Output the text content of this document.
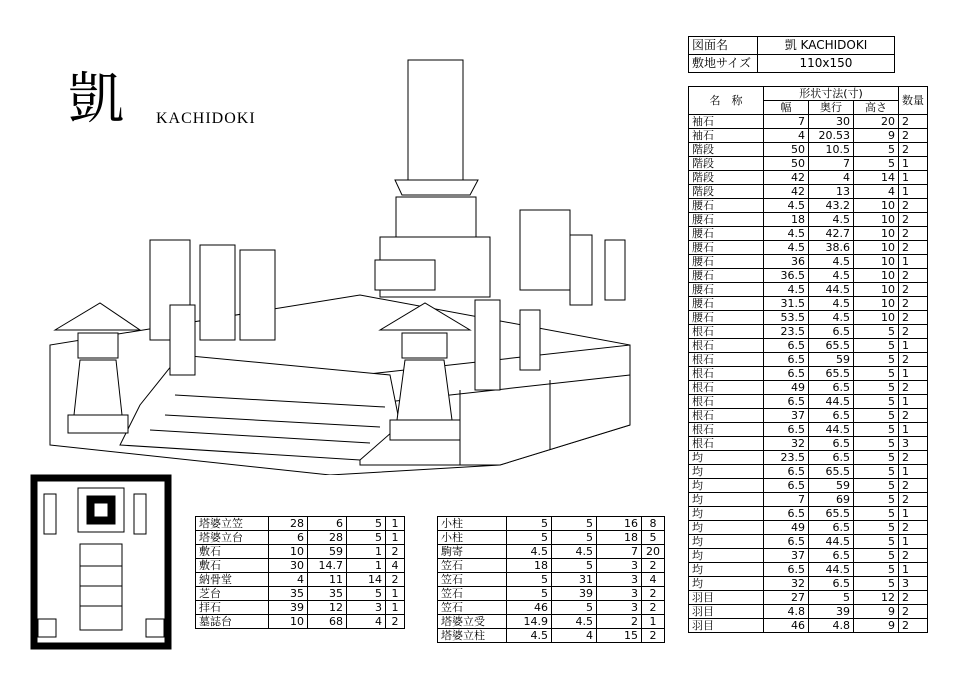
凱 KACHIDOKI
図面名	凱 KACHIDOKI
敷地サイズ	110x150
名　称	形状寸法(寸)			数量
	幅	奥行	高さ	
袖石	7	30	20	2
袖石	4	20.53	9	2
階段	50	10.5	5	2
階段	50	7	5	1
階段	42	4	14	1
階段	42	13	4	1
腰石	4.5	43.2	10	2
腰石	18	4.5	10	2
腰石	4.5	42.7	10	2
腰石	4.5	38.6	10	2
腰石	36	4.5	10	1
腰石	36.5	4.5	10	2
腰石	4.5	44.5	10	2
腰石	31.5	4.5	10	2
腰石	53.5	4.5	10	2
根石	23.5	6.5	5	2
根石	6.5	65.5	5	1
根石	6.5	59	5	2
根石	6.5	65.5	5	1
根石	49	6.5	5	2
根石	6.5	44.5	5	1
根石	37	6.5	5	2
根石	6.5	44.5	5	1
根石	32	6.5	5	3
均	23.5	6.5	5	2
均	6.5	65.5	5	1
均	6.5	59	5	2
均	7	69	5	2
均	6.5	65.5	5	1
均	49	6.5	5	2
均	6.5	44.5	5	1
均	37	6.5	5	2
均	6.5	44.5	5	1
均	32	6.5	5	3
羽目	27	5	12	2
羽目	4.8	39	9	2
羽目	46	4.8	9	2
塔婆立笠	28	6	5	1
塔婆立台	6	28	5	1
敷石	10	59	1	2
敷石	30	14.7	1	4
納骨堂	4	11	14	2
芝台	35	35	5	1
拝石	39	12	3	1
墓誌台	10	68	4	2
小柱	5	5	16	8
小柱	5	5	18	5
駒寄	4.5	4.5	7	20
笠石	18	5	3	2
笠石	5	31	3	4
笠石	5	39	3	2
笠石	46	5	3	2
塔婆立受	14.9	4.5	2	1
塔婆立柱	4.5	4	15	2
